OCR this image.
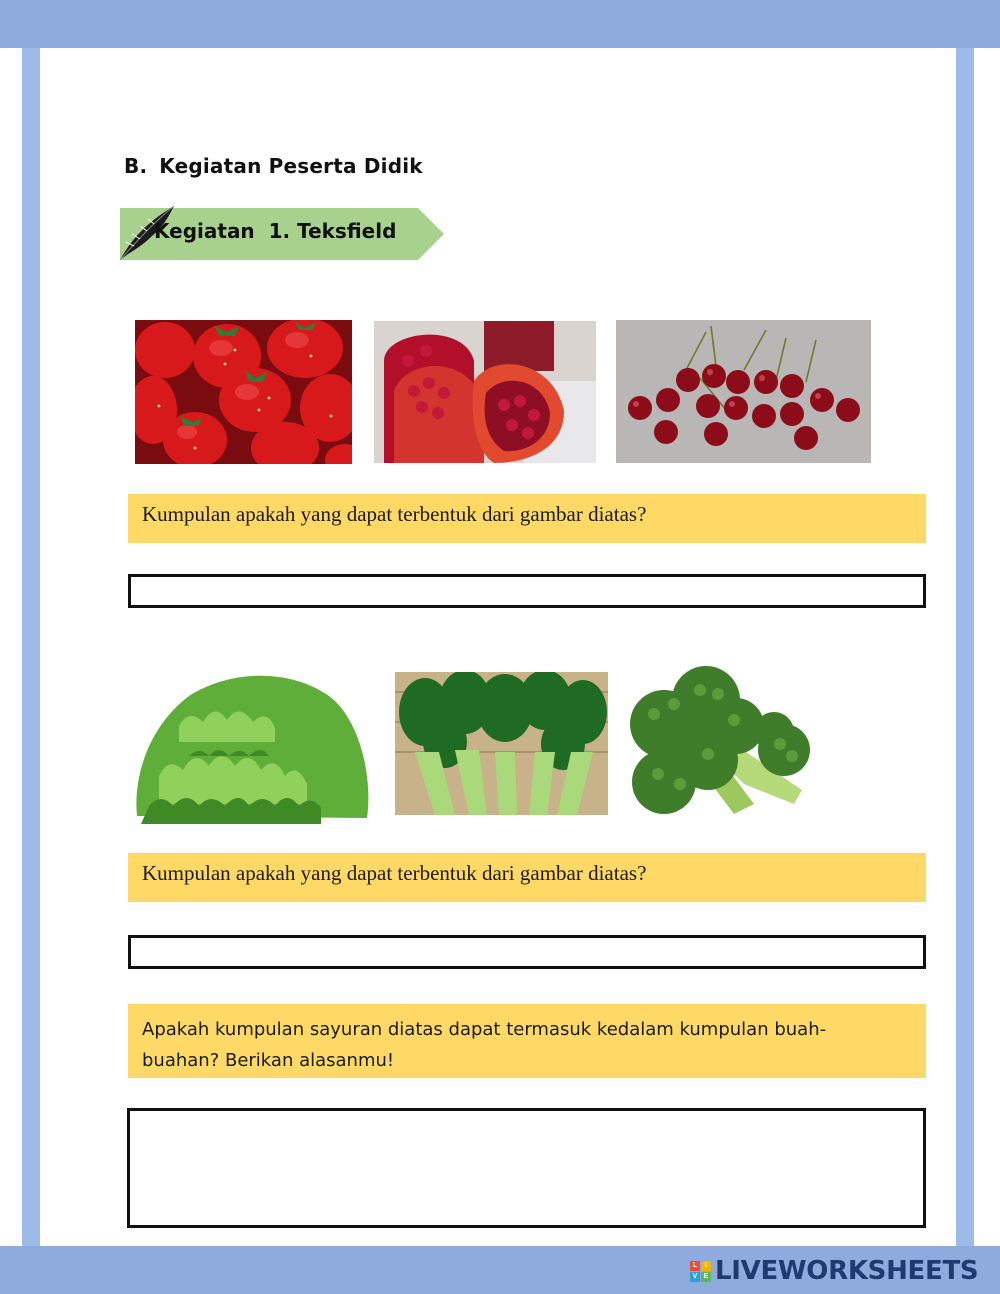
B. Kegiatan Peserta Didik
Kegiatan  1. Teksfield
Kumpulan apakah yang dapat terbentuk dari gambar diatas?
Kumpulan apakah yang dapat terbentuk dari gambar diatas?
Apakah kumpulan sayuran diatas dapat termasuk kedalam kumpulan buah-
buahan? Berikan alasanmu!
L	I
V E LIVEWORKSHEETS
